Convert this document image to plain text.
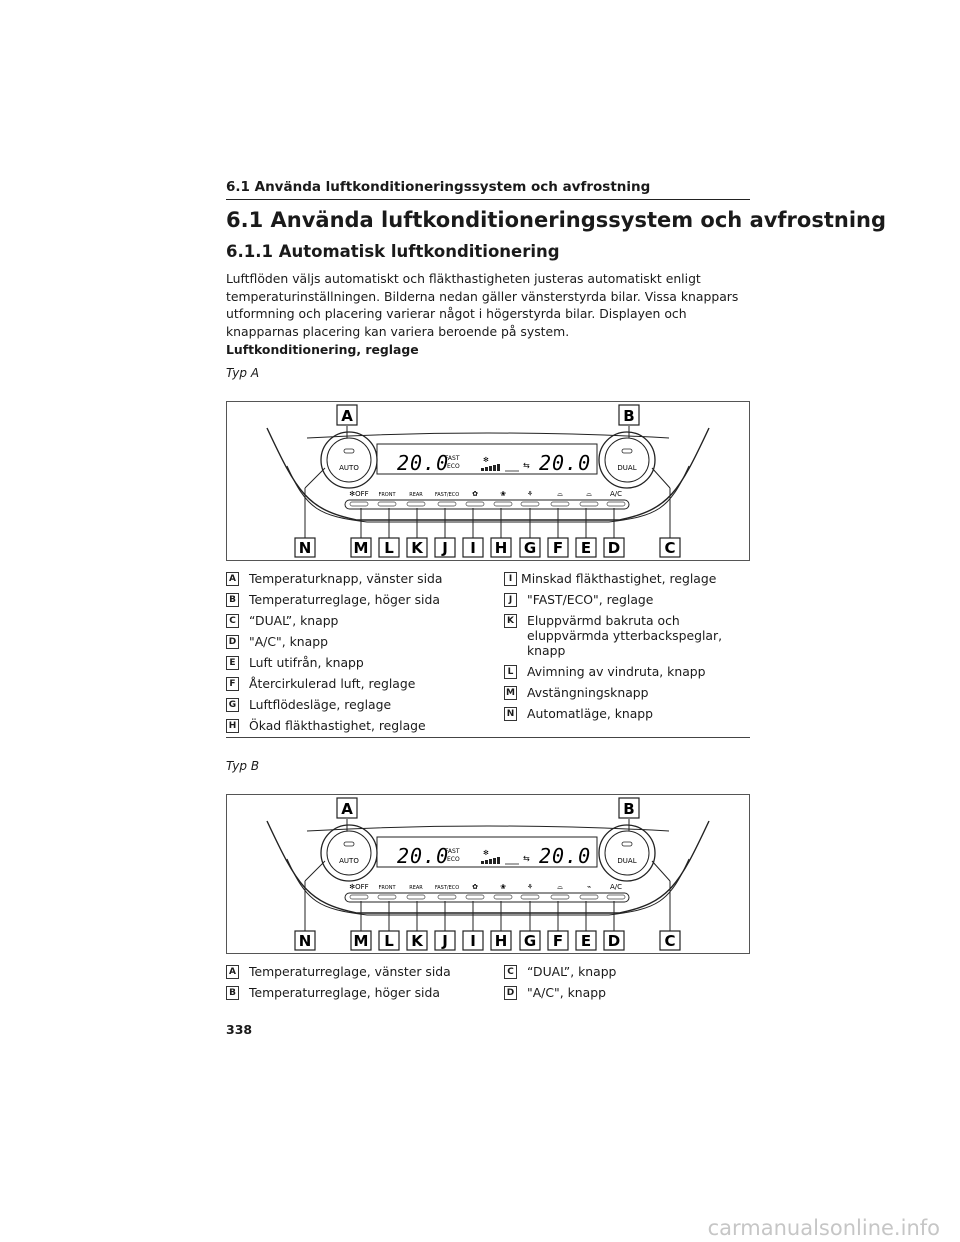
6.1 Använda luftkonditioneringssystem och avfrostning
6.1 Använda luftkonditioneringssystem och avfrostning
6.1.1 Automatisk luftkonditionering
Luftflöden väljs automatiskt och fläkthastigheten justeras automatiskt enligt temperaturinställningen. Bilderna nedan gäller vänsterstyrda bilar. Vissa knappars utformning och placering varierar något i högerstyrda bilar. Displayen och knapparnas placering kan variera beroende på system.
Luftkonditionering, reglage
Typ A
AUTO	DUAL
20.0
FAST
ECO
✻
⇆ 20.0
✻OFF FRONT	REAR FAST/ECO ✿	❀	⚘	⌓	⌓	A/C
A	B
N	M L K J I H G F E D	C
A Temperaturknapp, vänster sida
B Temperaturreglage, höger sida
C “DUAL”, knapp
D "A/C", knapp
E Luft utifrån, knapp
F Återcirkulerad luft, reglage
G Luftflödesläge, reglage
H Ökad fläkthastighet, reglage
I Minskad fläkthastighet, reglage
J	"FAST/ECO", reglage
K Eluppvärmd bakruta och eluppvärmda ytterbackspeglar, knapp
L Avimning av vindruta, knapp
M Avstängningsknapp
N Automatläge, knapp
Typ B
AUTO	DUAL
20.0
FAST
ECO
✻
⇆ 20.0
✻OFF FRONT	REAR FAST/ECO ✿	❀	⚘	⌓	⌁	A/C
A	B
N	M L K J I H G F E D	C
A Temperaturreglage, vänster sida
B Temperaturreglage, höger sida
C “DUAL”, knapp
D "A/C", knapp
338
carmanualsonline.info
